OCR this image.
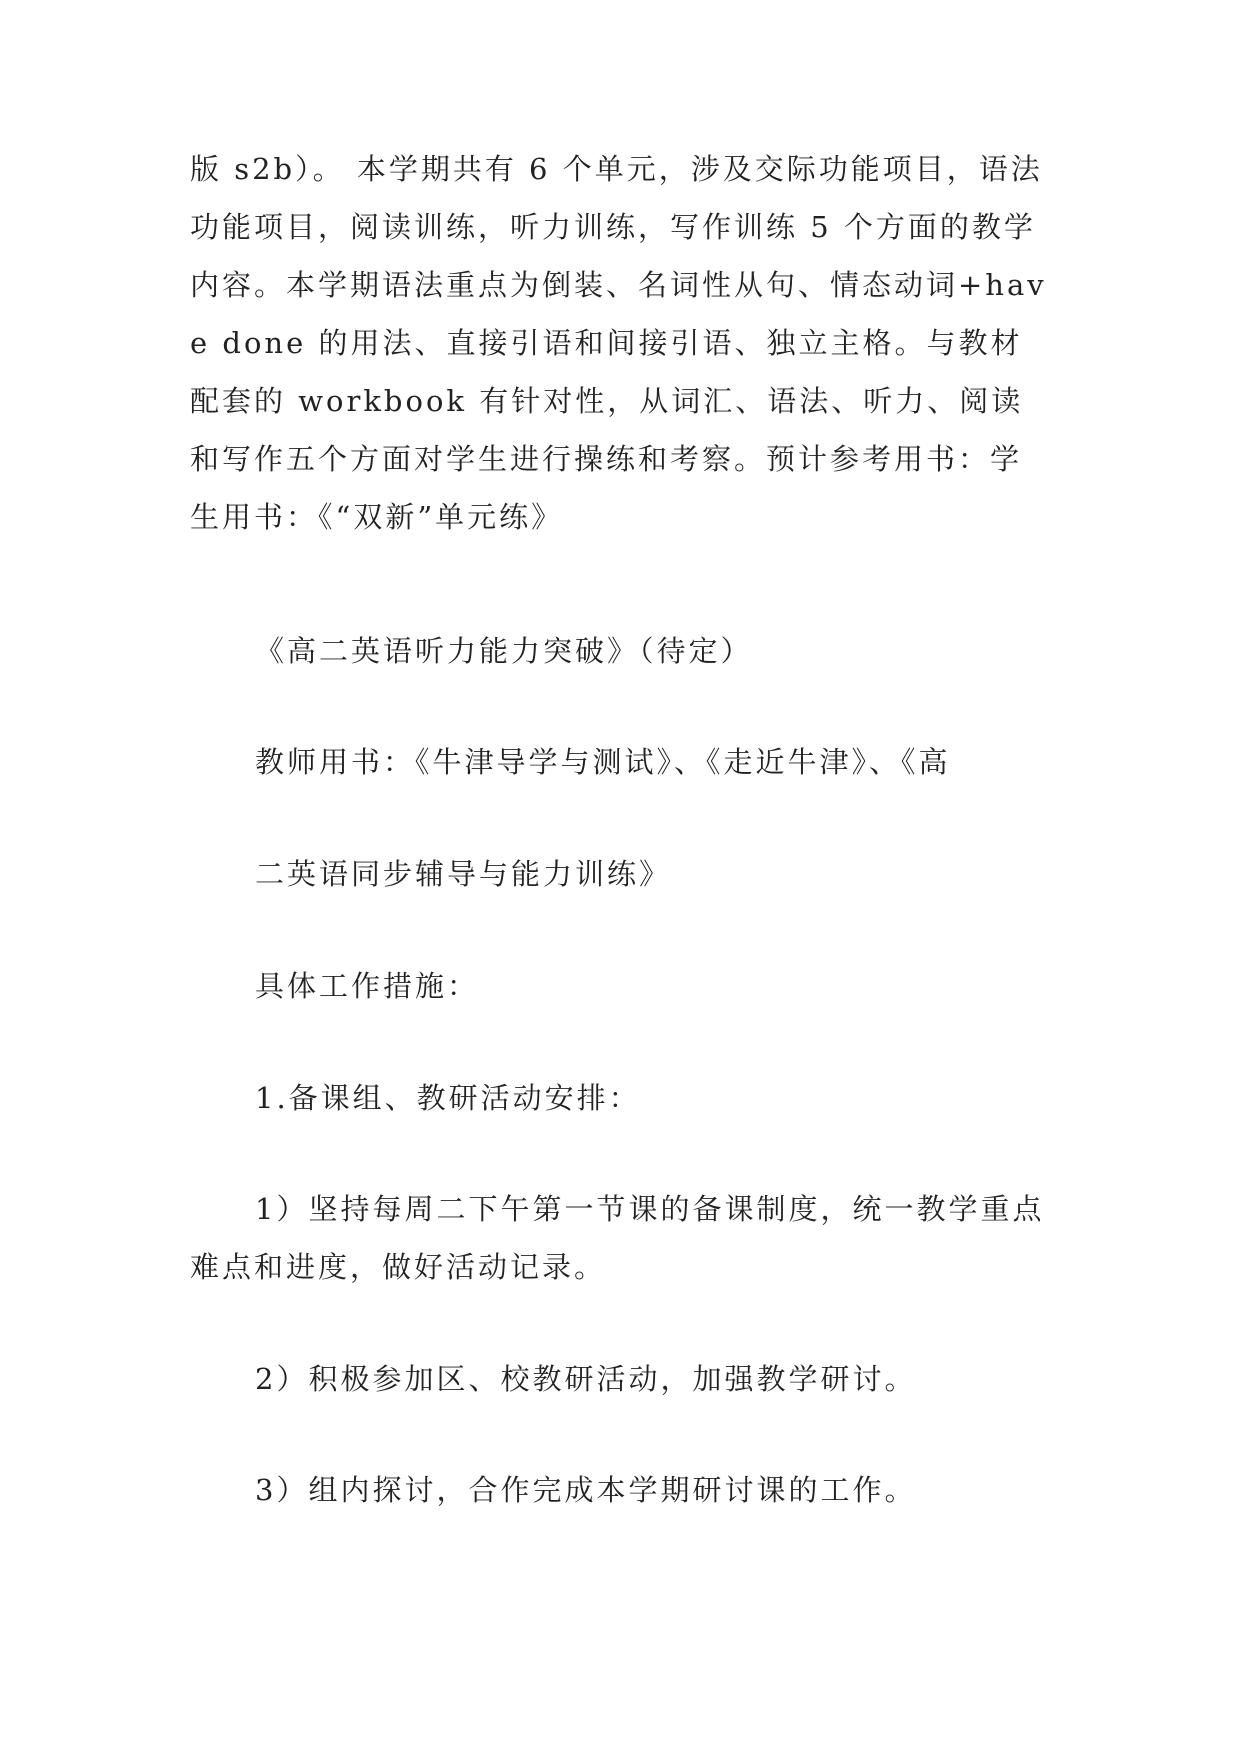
版 s2b）。 本学期共有 6 个单元，涉及交际功能项目，语法功能项目，阅读训练，听力训练，写作训练 5 个方面的教学内容。本学期语法重点为倒装、名词性从句、情态动词+have done 的用法、直接引语和间接引语、独立主格。与教材配套的 workbook 有针对性，从词汇、语法、听力、阅读和写作五个方面对学生进行操练和考察。预计参考用书：学生用书：《“双新”单元练》

《高二英语听力能力突破》（待定）

教师用书：《牛津导学与测试》、《走近牛津》、《高

二英语同步辅导与能力训练》

具体工作措施：

1.备课组、教研活动安排：

1）坚持每周二下午第一节课的备课制度，统一教学重点难点和进度，做好活动记录。

2）积极参加区、校教研活动，加强教学研讨。

3）组内探讨，合作完成本学期研讨课的工作。
